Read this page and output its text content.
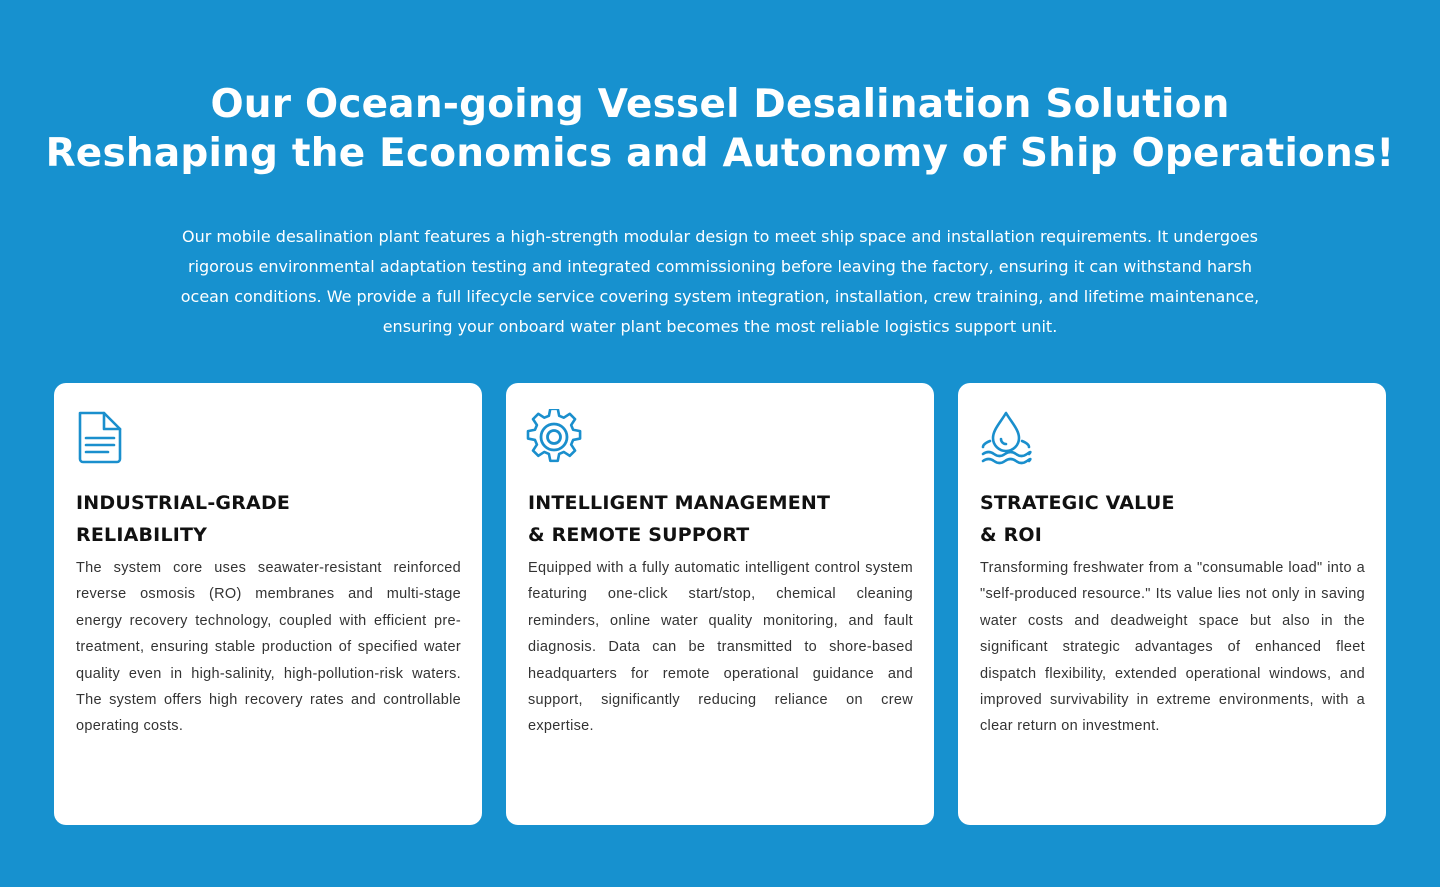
Our Ocean-going Vessel Desalination Solution
Reshaping the Economics and Autonomy of Ship Operations!

Our mobile desalination plant features a high-strength modular design to meet ship space and installation requirements. It undergoes rigorous environmental adaptation testing and integrated commissioning before leaving the factory, ensuring it can withstand harsh ocean conditions. We provide a full lifecycle service covering system integration, installation, crew training, and lifetime maintenance, ensuring your onboard water plant becomes the most reliable logistics support unit.

INDUSTRIAL-GRADE
RELIABILITY

The system core uses seawater-resistant reinforced reverse osmosis (RO) membranes and multi-stage energy recovery technology, coupled with efficient pre-treatment, ensuring stable production of specified water quality even in high-salinity, high-pollution-risk waters. The system offers high recovery rates and controllable operating costs.

INTELLIGENT MANAGEMENT
& REMOTE SUPPORT

Equipped with a fully automatic intelligent control system featuring one-click start/stop, chemical cleaning reminders, online water quality monitoring, and fault diagnosis. Data can be transmitted to shore-based headquarters for remote operational guidance and support, significantly reducing reliance on crew expertise.

STRATEGIC VALUE
& ROI

Transforming freshwater from a "consumable load" into a "self-produced resource." Its value lies not only in saving water costs and deadweight space but also in the significant strategic advantages of enhanced fleet dispatch flexibility, extended operational windows, and improved survivability in extreme environments, with a clear return on investment.
